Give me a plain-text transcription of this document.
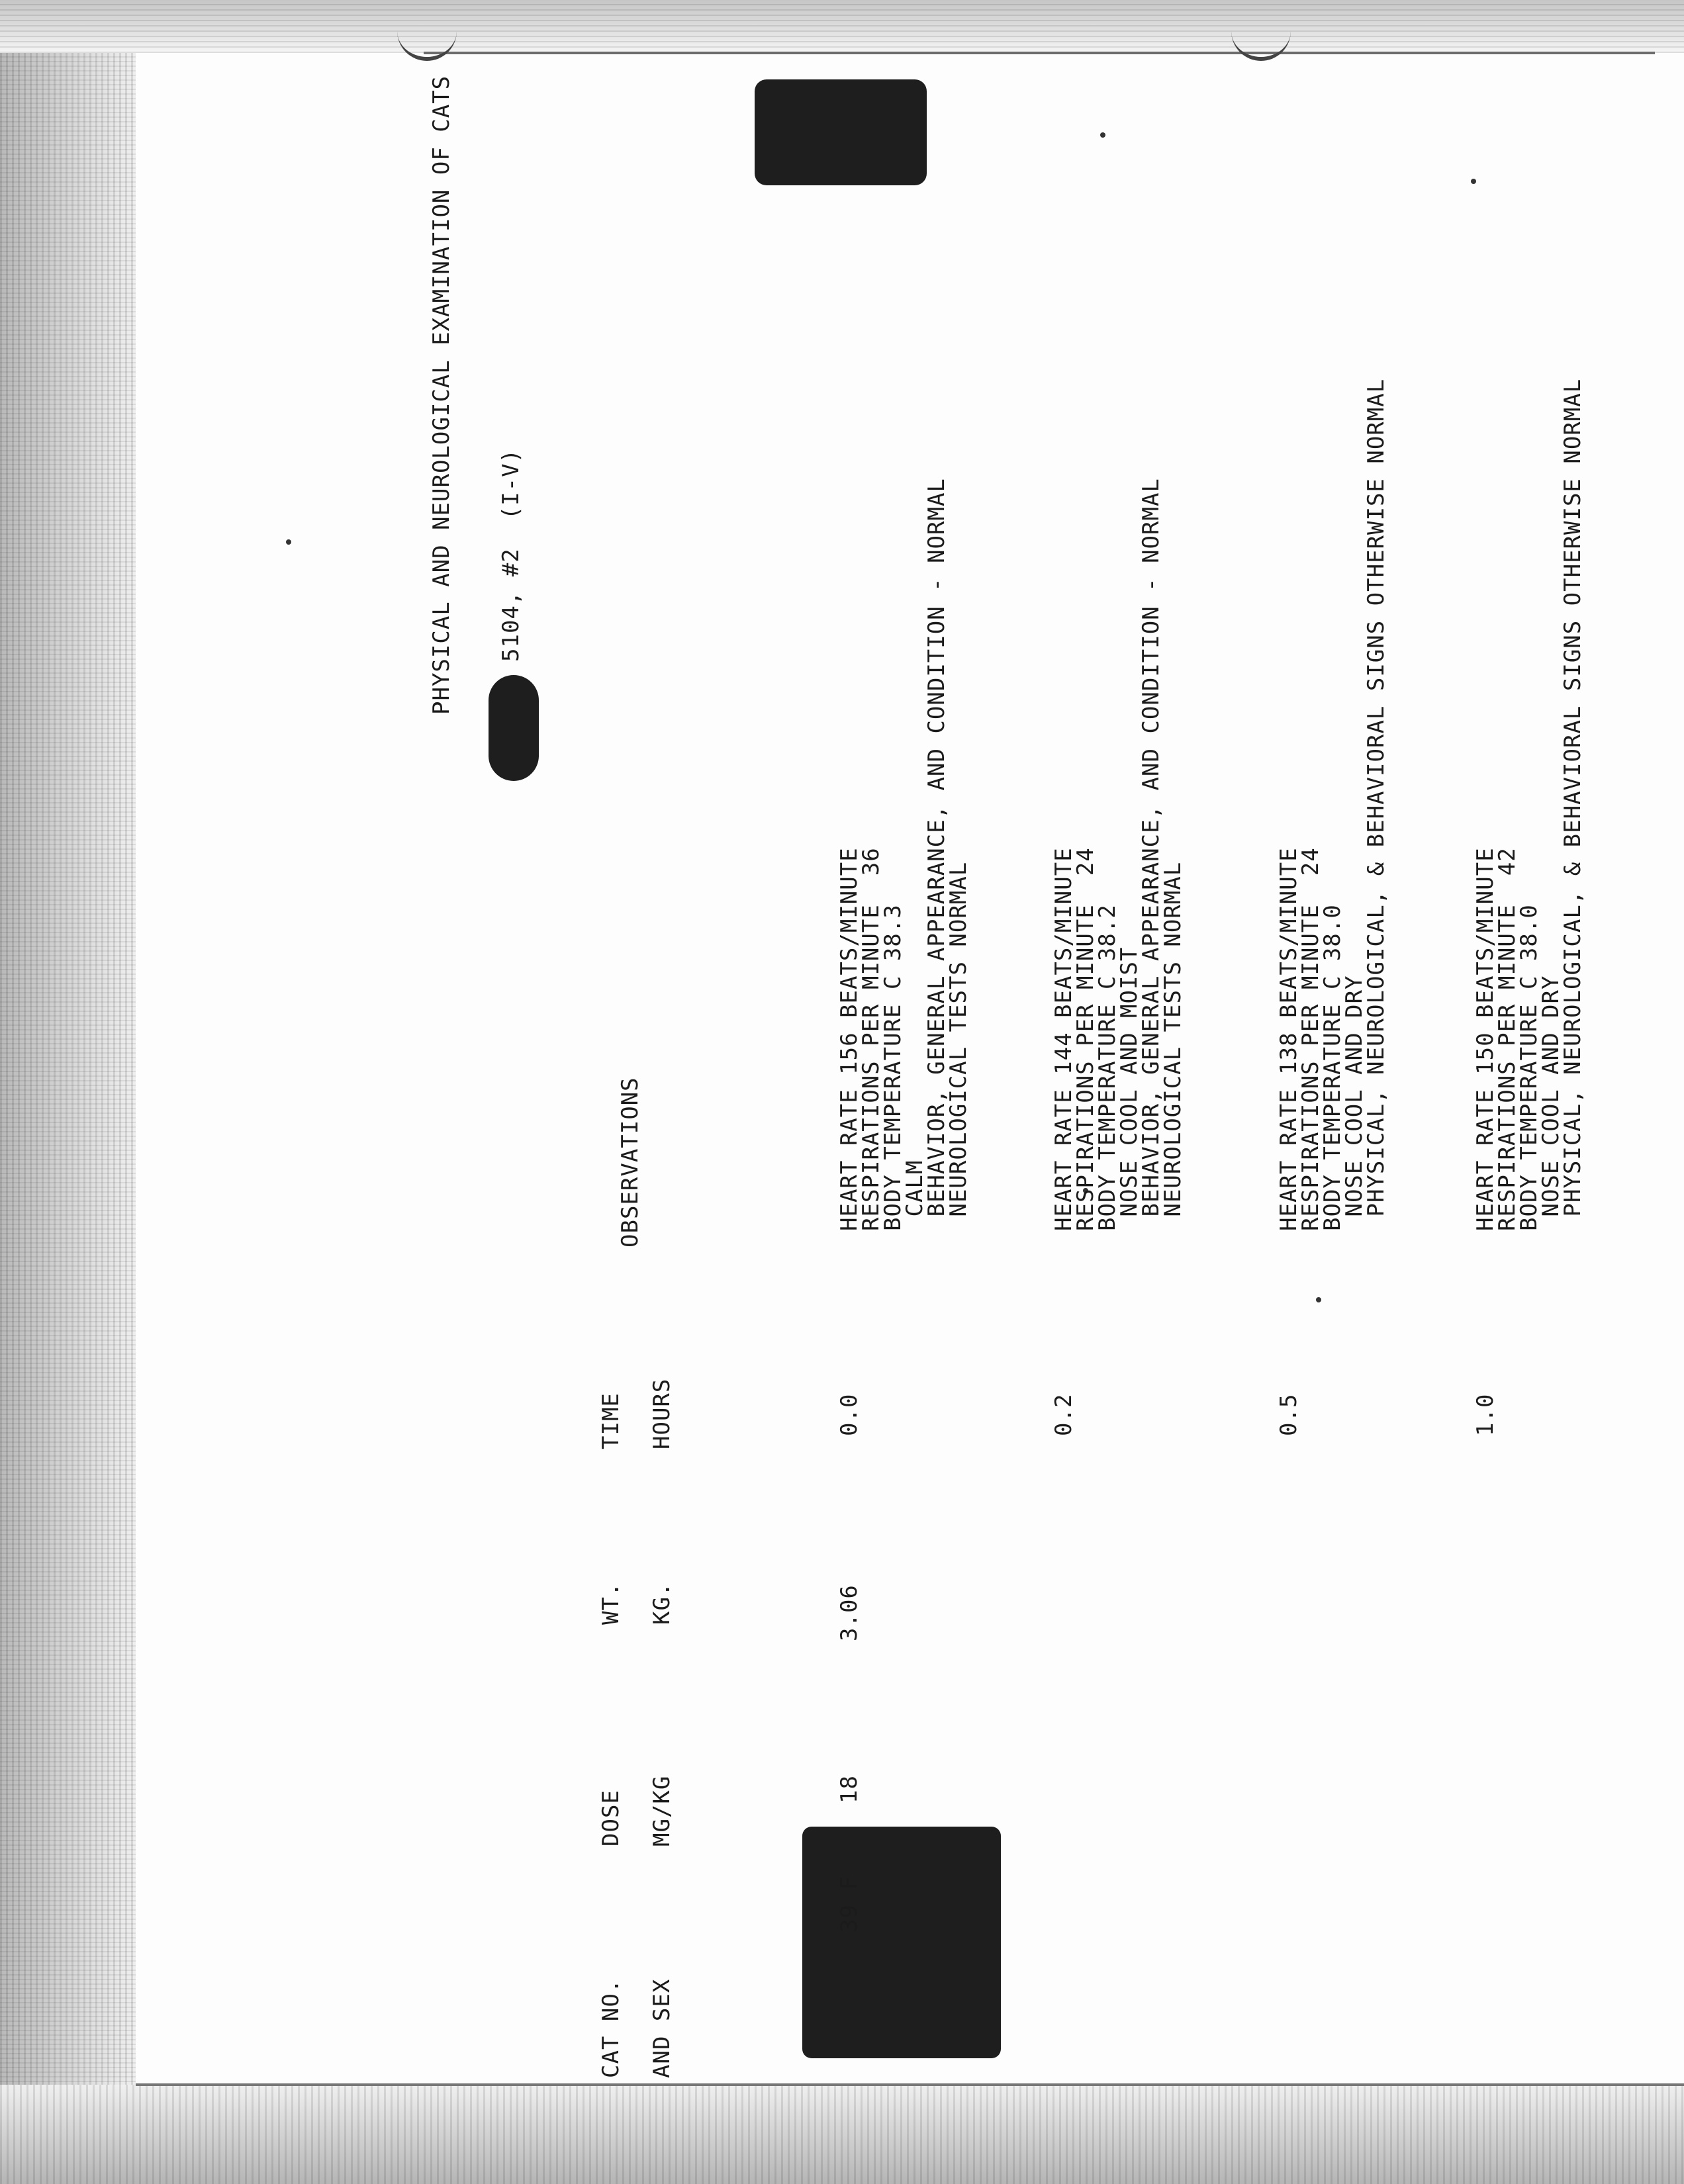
PHYSICAL AND NEUROLOGICAL EXAMINATION OF CATS 5104, #2  (I-V)
CAT NO. AND SEX
DOSE MG/KG
WT. KG.
TIME HOURS
OBSERVATIONS
39 F
18
3.06
0.0
HEART RATE 156 BEATS/MINUTE
RESPIRATIONS PER MINUTE  36
BODY TEMPERATURE C 38.3
CALM
BEHAVIOR, GENERAL APPEARANCE, AND CONDITION - NORMAL
NEUROLOGICAL TESTS NORMAL
0.2
HEART RATE 144 BEATS/MINUTE
RESPIRATIONS PER MINUTE  24
BODY TEMPERATURE C 38.2
NOSE COOL AND MOIST
BEHAVIOR, GENERAL APPEARANCE, AND CONDITION - NORMAL
NEUROLOGICAL TESTS NORMAL
0.5
HEART RATE 138 BEATS/MINUTE
RESPIRATIONS PER MINUTE  24
BODY TEMPERATURE C 38.0
NOSE COOL AND DRY
PHYSICAL, NEUROLOGICAL, & BEHAVIORAL SIGNS OTHERWISE NORMAL
1.0
HEART RATE 150 BEATS/MINUTE
RESPIRATIONS PER MINUTE  42
BODY TEMPERATURE C 38.0
NOSE COOL AND DRY
PHYSICAL, NEUROLOGICAL, & BEHAVIORAL SIGNS OTHERWISE NORMAL
